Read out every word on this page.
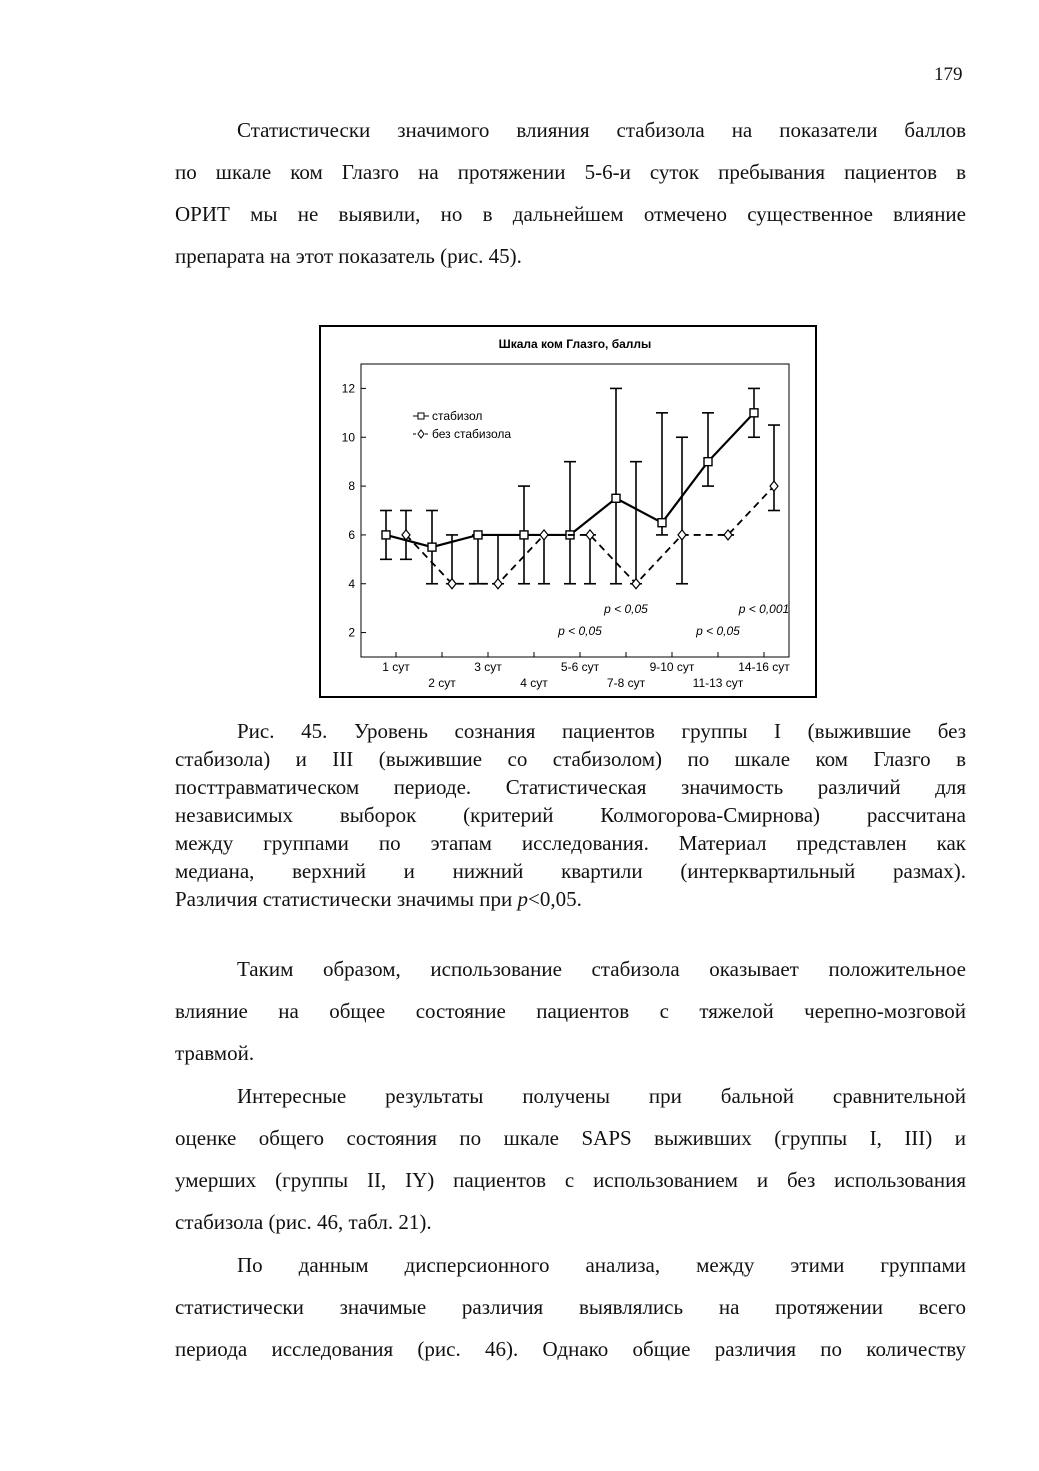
179
Статистически значимого влияния стабизола на показатели баллов
по шкале ком Глазго на протяжении 5-6-и суток пребывания пациентов в
ОРИТ мы не выявили, но в дальнейшем отмечено существенное влияние
препарата на этот показатель (рис. 45).
Шкала ком Глазго, баллы
2
4
6
8
10
12
1 сут
2 сут
3 сут
4 сут
5-6 сут
7-8 сут
9-10 сут
11-13 сут
14-16 сут
стабизол
без стабизола
p < 0,05	p < 0,001
p < 0,05	p < 0,05
Рис. 45. Уровень сознания пациентов группы I (выжившие без
стабизола) и III (выжившие со стабизолом) по шкале ком Глазго в
посттравматическом периоде. Статистическая значимость различий для
независимых выборок (критерий Колмогорова-Смирнова) рассчитана
между группами по этапам исследования. Материал представлен как
медиана, верхний и нижний квартили (интерквартильный размах).
Различия статистически значимы при p<0,05.
Таким образом, использование стабизола оказывает положительное
влияние на общее состояние пациентов с тяжелой черепно-мозговой
травмой.
Интересные результаты получены при бальной сравнительной
оценке общего состояния по шкале SAPS выживших (группы I, III) и
умерших (группы II, IY) пациентов с использованием и без использования
стабизола (рис. 46, табл. 21).
По данным дисперсионного анализа, между этими группами
статистически значимые различия выявлялись на протяжении всего
периода исследования (рис. 46). Однако общие различия по количеству
